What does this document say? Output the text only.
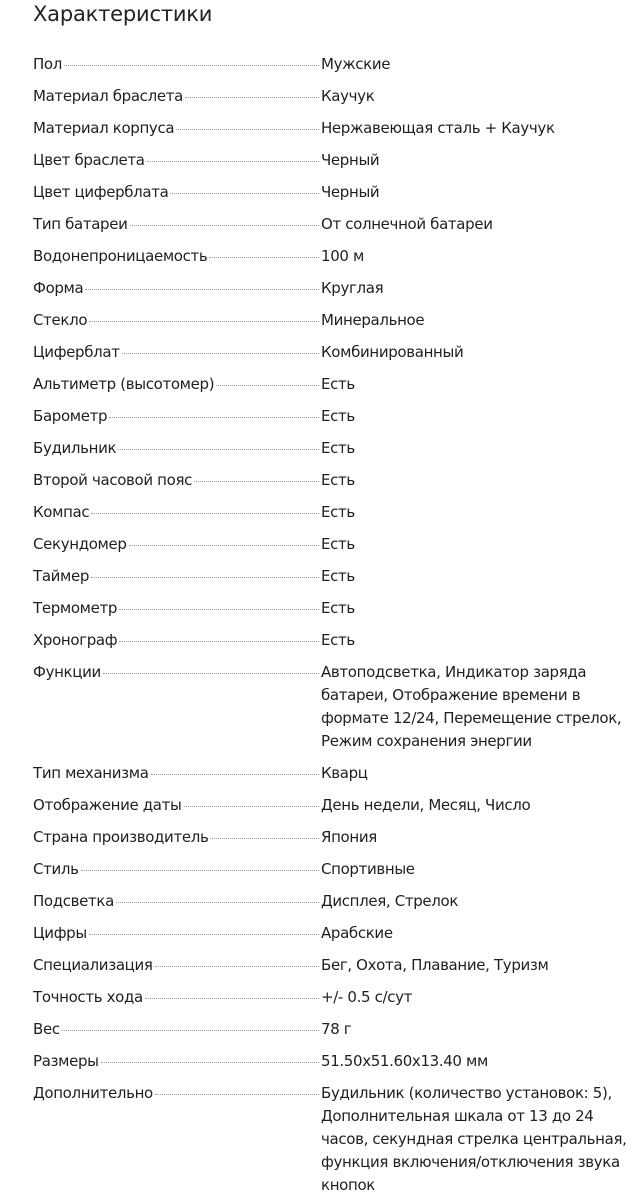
Характеристики
Пол	Мужские
Материал браслета	Каучук
Материал корпуса	Нержавеющая сталь + Каучук
Цвет браслета	Черный
Цвет циферблата	Черный
Тип батареи	От солнечной батареи
Водонепроницаемость	100 м
Форма	Круглая
Стекло	Минеральное
Циферблат	Комбинированный
Альтиметр (высотомер)	Есть
Барометр	Есть
Будильник	Есть
Второй часовой пояс	Есть
Компас	Есть
Секундомер	Есть
Таймер	Есть
Термометр	Есть
Хронограф	Есть
Функции	Автоподсветка, Индикатор заряда батареи, Отображение времени в формате 12/24, Перемещение стрелок, Режим сохранения энергии
Тип механизма	Кварц
Отображение даты	День недели, Месяц, Число
Страна производитель	Япония
Стиль	Спортивные
Подсветка	Дисплея, Стрелок
Цифры	Арабские
Специализация	Бег, Охота, Плавание, Туризм
Точность хода	+/- 0.5 с/сут
Вес	78 г
Размеры	51.50x51.60x13.40 мм
Дополнительно	Будильник (количество установок: 5), Дополнительная шкала от 13 до 24 часов, секундная стрелка центральная, функция включения/отключения звука кнопок
